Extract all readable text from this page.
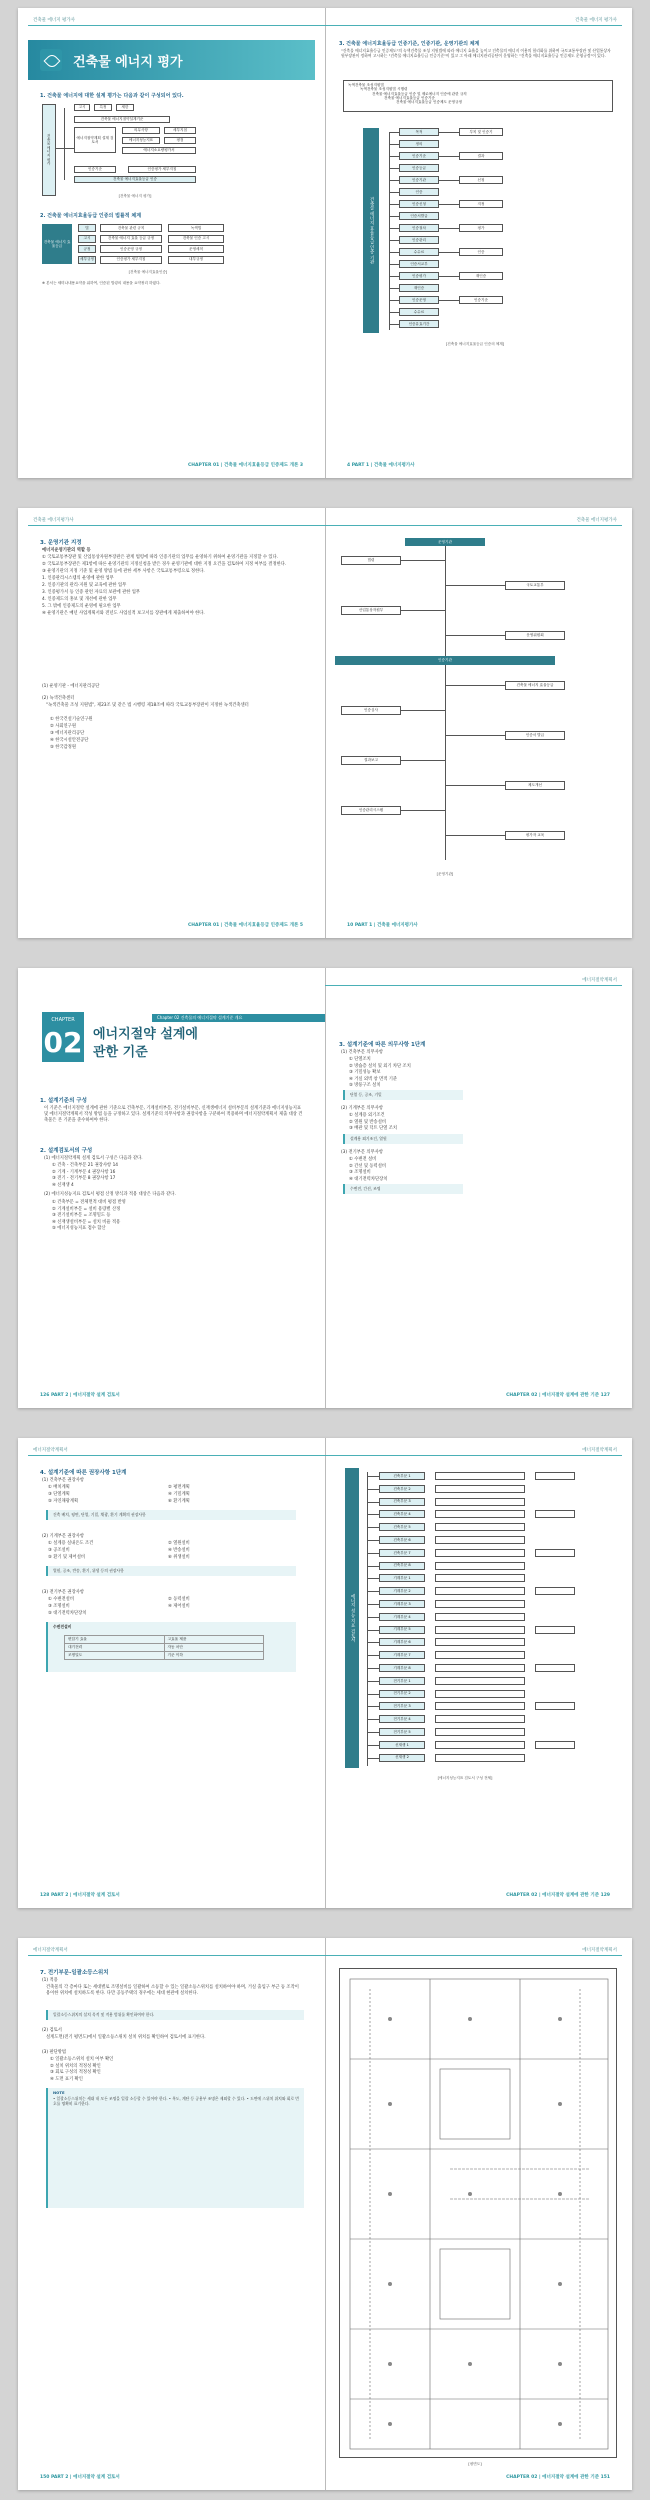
건축물 에너지 평가사
건축물 에너지 평가
1. 건축물 에너지에 대한 설계 평가는 다음과 같이 구성되어 있다.
건축물 에너지 평가
고시	특정	세한
건축물 에너지절약설계기준
에너지절약계획 설계 검토서
의무사항	세부지침
에너지성능지표	평점
에너지소요량평가서
인증기준	인증평가 세부지침
건축물 에너지효율등급 인증
[건축물 에너지 평가]
2. 건축물 에너지효율등급 인증의 법률적 체계
건축물 에너지 효율등급
법	건축물 관련 규칙	녹색법
고시	건축물 에너지 효율 등급 규정	건축물 인증 고시
규정	인증운영 규정	운영세칙
세부규정	인증평가 세부지침	내부규정
[건축물 에너지효율인증]
※ 본서는 세미나내용요약을 위하여, 인증된 법령의 내용을 요약정리 하였다.
CHAPTER 01 | 건축물 에너지효율등급 인증제도 개론 3
건축물 에너지 평가사
3. 건축물 에너지효율등급 인증기준, 인증기관, 운영기관의 체계
"건축물 에너지효율등급 인증제도"의 녹색건축물 조성 지원법에 따라 에너지 효율을 높이고 건축물의 에너지 이용의 합리화를 위하여 국토교통부장관 및 산업통상자원부장관이 정하여 고시하는 "건축물 에너지효율등급 인증기준"이 있고 그 아래 에너지관리공단이 운영하는 "건축물 에너지효율등급 인증제도 운영규정"이 있다.
녹색건축물 조성지원법
녹색건축물 조성지원법 시행령
건축물 에너지효율등급 인증 및 제로에너지 인증에 관한 규칙
건축물 에너지효율등급 인증기준
건축물 에너지효율등급 인증제도 운영규정
건축물 에너지 효율등급 인증 기관
목적
정의
인증기준
인증등급
인증기관
인증
인증신청
인증서발급
인증절차
인증관리
수수료
인증서교부
인증평가
재인증
인증운영
수수료
인증유효기간
부칙 및 인증기
결과
신청
지정
평가
인증
재인증
인증기준
[건축물 에너지효율등급 인증의 체계]
4 PART 1 | 건축물 에너지평가사
건축물 에너지평가사
3. 운영기관 지정
에너지운영기관의 역할 등
① 국토교통부장관 및 산업통상자원부장관은 관계 법령에 따라 인증기관의 업무를 운영하기 위하여 운영기관을 지정할 수 있다.
② 국토교통부장관은 제1항에 따른 운영기관의 지정신청을 받은 경우 운영기관에 대한 지정 요건을 검토하여 지정 여부를 결정한다.
③ 운영기관의 지정 기준 및 운영 방법 등에 관한 세부 사항은 국토교통부령으로 정한다.
1. 인증관리시스템의 운영에 관한 업무
2. 인증기관의 관리·지원 및 교육에 관한 업무
3. 인증평가서 등 인증 관련 자료의 보관에 관한 업무
4. 인증제도의 홍보 및 개선에 관한 업무
5. 그 밖에 인증제도의 운영에 필요한 업무
④ 운영기관은 매년 사업계획서와 전년도 사업실적 보고서를 장관에게 제출하여야 한다.
(1) 운영기관 - 에너지관리공단
(2) 녹색건축센터
"녹색건축물 조성 지원법", 제23조 및 같은 법 시행령 제18조에 따라 국토교통부장관이 지정한 녹색건축센터
① 한국건설기술연구원
② 사회연구원
③ 에너지관리공단
④ 한국시설안전공단
⑤ 한국감정원
CHAPTER 01 | 건축물 에너지효율등급 인증제도 개론 5
건축물 에너지평가사
운영기관
법령
국토교통부
산업통상자원부
운영위원회
인증기관
건축물 에너지 효율등급
인증심사
인증서 발급
결과보고
제도개선
인증관리시스템
평가자 교육
[운영기관]
10 PART 1 | 건축물 에너지평가사
Chapter 02 건축물의 에너지절약 설계기준 개요
CHAPTER
02 에너지절약 설계에
관한 기준
1. 설계기준의 구성
이 기준은 에너지절약 설계에 관한 기준으로 건축부문, 기계설비부문, 전기설비부문, 신재생에너지 설비부문의 설계기준과 에너지성능지표 및 에너지절약계획서 작성 방법 등을 규정하고 있다. 설계기준의 의무사항과 권장사항을 구분하여 적용하며 에너지절약계획서 제출 대상 건축물은 본 기준을 준수하여야 한다.
2. 설계검토서의 구성
(1) 에너지절약계획 설계 검토서 구성은 다음과 같다.
① 건축 - 건축부문 21 권장사항 14
② 기계 - 기계부문 4 권장사항 16
③ 전기 - 전기부문 8 권장사항 17
④ 신재생 4
(2) 에너지성능지표 검토서 평점 산정 방식과 적용 대상은 다음과 같다.
① 건축부문 = 전체면적 대비 평점 반영
② 기계설비부문 = 설비 용량별 산정
③ 전기설비부문 = 조명밀도 등
④ 신재생설비부문 = 설치 비율 적용
⑤ 에너지성능지표 점수 합산
126 PART 2 | 에너지절약 설계 검토서
에너지절약계획서
3. 설계기준에 따른 의무사항 1단계
(1) 건축부문 의무사항
① 단열조치
② 방습층 설치 및 외기 차단 조치
③ 기밀성능 확보
④ 거실 외벽 창 면적 기준
⑤ 방풍구조 설치
단열 등, 공조, 기밀
(2) 기계부문 의무사항
① 설계용 외기조건
② 열원 및 반송설비
③ 배관 및 덕트 단열 조치
설계용 외기조건, 열원
(3) 전기부문 의무사항
① 수변전 설비
② 간선 및 동력설비
③ 조명설비
④ 대기전력차단장치
수변전, 간선, 조명
CHAPTER 02 | 에너지절약 설계에 관한 기준 127
에너지절약계획서
4. 설계기준에 따른 권장사항 1단계
(1) 건축부문 권장사항
① 배치계획	② 평면계획
③ 단열계획	④ 기밀계획
⑤ 자연채광계획	⑥ 환기계획
건축 배치, 평면, 단열, 기밀, 채광, 환기 계획의 권장사항
(2) 기계부문 권장사항
① 설계용 실내온도 조건	② 열원설비
③ 공조설비	④ 반송설비
⑤ 환기 및 제어설비	⑥ 위생설비
열원, 공조, 반송, 환기, 위생 등의 권장사항
(3) 전기부문 권장사항
① 수변전설비	② 동력설비
③ 조명설비	④ 제어설비
⑤ 대기전력차단장치
수변전설비
변압기 효율	고효율 제품
대기전력	자동 차단
조명밀도	기준 이하
128 PART 2 | 에너지절약 설계 검토서
에너지절약계획서
에너지 성능 지표 검토서
건축부문 1
건축부문 2
건축부문 3
건축부문 4
건축부문 5
건축부문 6
건축부문 7
건축부문 8
기계부문 1
기계부문 2
기계부문 3
기계부문 4
기계부문 5
기계부문 6
기계부문 7
기계부문 8
전기부문 1
전기부문 2
전기부문 3
전기부문 4
전기부문 5
신재생 1
신재생 2
[에너지성능지표 검토서 구성 전체]
CHAPTER 02 | 에너지절약 설계에 관한 기준 129
에너지절약계획서
7. 전기부문-일괄소등스위치
(1) 적용
건축물의 각 층마다 또는 세대별로 조명설비를 일괄하여 소등할 수 있는 일괄소등스위치를 설치하여야 하며, 거실 출입구 부근 등 조작이 용이한 위치에 설치하도록 한다. 다만 공동주택의 경우에는 세대 현관에 설치한다.
일괄소등스위치의 설치 목적 및 적용 범위를 확인하여야 한다.
(2) 검토서
설계도면(전기 평면도)에서 일괄소등스위치 설치 위치를 확인하여 검토서에 표기한다.
(3) 판단방법
① 일괄소등스위치 설치 여부 확인
② 설치 위치의 적정성 확인
③ 회로 구성의 적정성 확인
④ 도면 표기 확인
NOTE
• 일괄소등스위치는 세대 내 모든 조명을 일괄 소등할 수 있어야 한다. • 복도, 계단 등 공용부 조명은 제외할 수 있다. • 도면에 스위치 위치와 회로 번호를 명확히 표기한다.
150 PART 2 | 에너지절약 설계 검토서
에너지절약계획서
[평면도]
CHAPTER 02 | 에너지절약 설계에 관한 기준 151
